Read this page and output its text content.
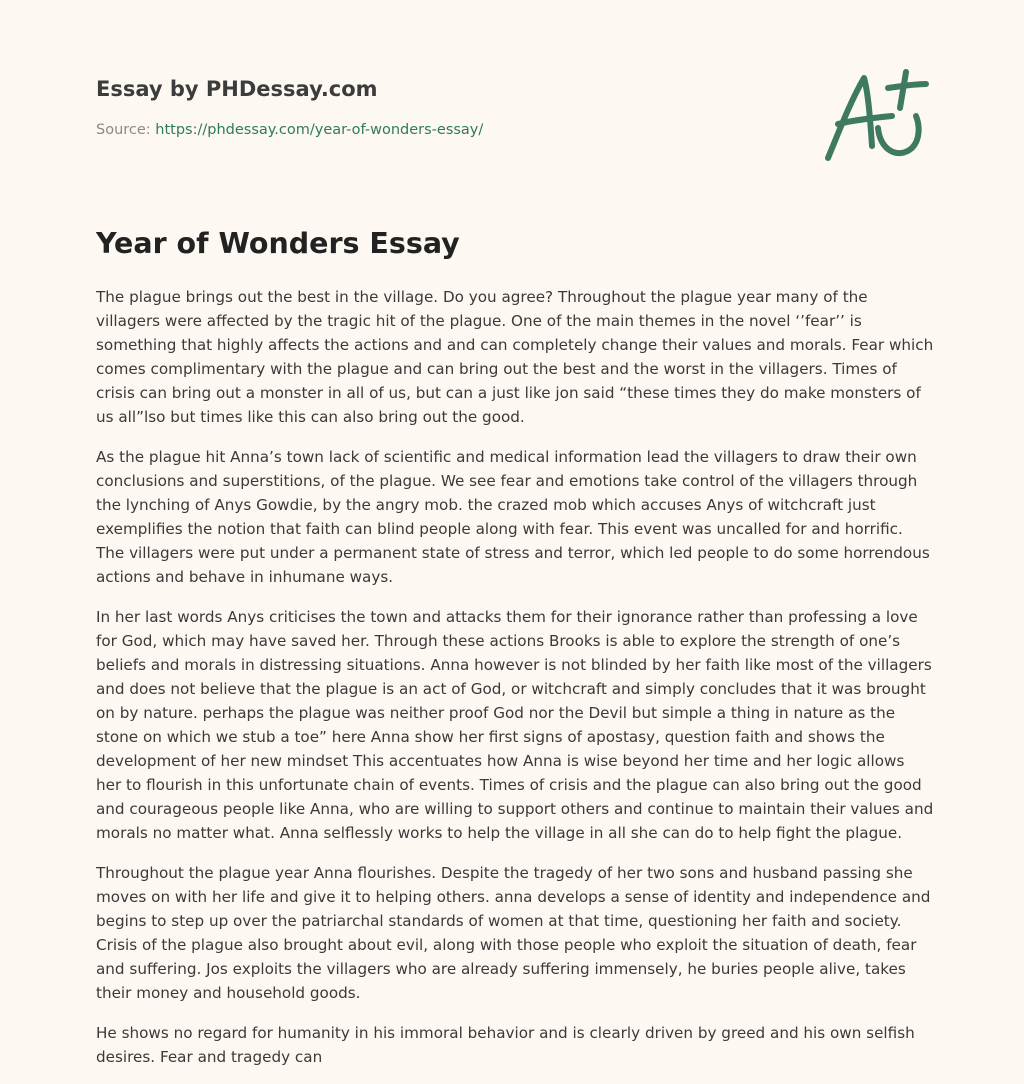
Essay by PHDessay.com
Source: https://phdessay.com/year-of-wonders-essay/
Year of Wonders Essay

The plague brings out the best in the village. Do you agree? Throughout the plague year many of the villagers were affected by the tragic hit of the plague. One of the main themes in the novel ‘’fear’’ is something that highly affects the actions and and can completely change their values and morals. Fear which comes complimentary with the plague and can bring out the best and the worst in the villagers. Times of crisis can bring out a monster in all of us, but can a just like jon said “these times they do make monsters of us all”lso but times like this can also bring out the good.

As the plague hit Anna’s town lack of scientific and medical information lead the villagers to draw their own conclusions and superstitions, of the plague. We see fear and emotions take control of the villagers through the lynching of Anys Gowdie, by the angry mob. the crazed mob which accuses Anys of witchcraft just exemplifies the notion that faith can blind people along with fear. This event was uncalled for and horrific. The villagers were put under a permanent state of stress and terror, which led people to do some horrendous actions and behave in inhumane ways.

In her last words Anys criticises the town and attacks them for their ignorance rather than professing a love for God, which may have saved her. Through these actions Brooks is able to explore the strength of one’s beliefs and morals in distressing situations. Anna however is not blinded by her faith like most of the villagers and does not believe that the plague is an act of God, or witchcraft and simply concludes that it was brought on by nature. perhaps the plague was neither proof God nor the Devil but simple a thing in nature as the stone on which we stub a toe” here Anna show her first signs of apostasy, question faith and shows the development of her new mindset This accentuates how Anna is wise beyond her time and her logic allows her to flourish in this unfortunate chain of events. Times of crisis and the plague can also bring out the good and courageous people like Anna, who are willing to support others and continue to maintain their values and morals no matter what. Anna selflessly works to help the village in all she can do to help fight the plague.

Throughout the plague year Anna flourishes. Despite the tragedy of her two sons and husband passing she moves on with her life and give it to helping others. anna develops a sense of identity and independence and begins to step up over the patriarchal standards of women at that time, questioning her faith and society. Crisis of the plague also brought about evil, along with those people who exploit the situation of death, fear and suffering. Jos exploits the villagers who are already suffering immensely, he buries people alive, takes their money and household goods.

He shows no regard for humanity in his immoral behavior and is clearly driven by greed and his own selfish desires. Fear and tragedy can
